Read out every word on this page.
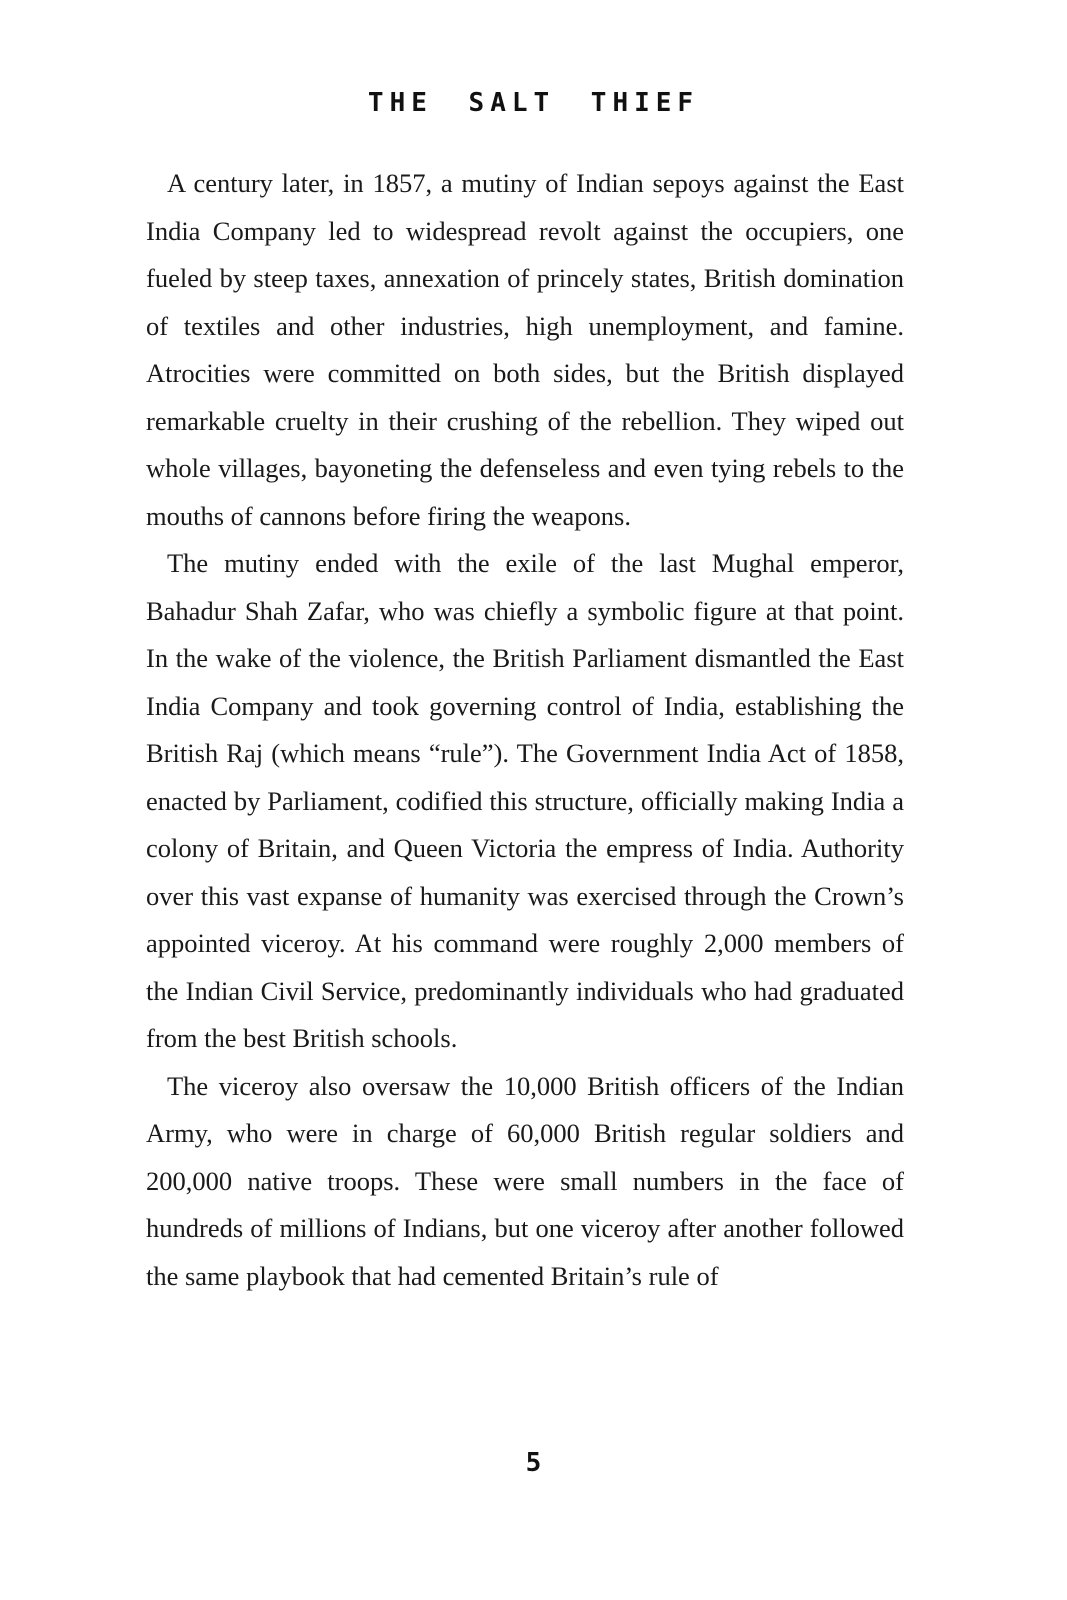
THE SALT THIEF

A century later, in 1857, a mutiny of Indian sepoys against the East India Company led to widespread revolt against the occupiers, one fueled by steep taxes, annexation of princely states, British domination of textiles and other industries, high unemployment, and famine. Atrocities were committed on both sides, but the British displayed remarkable cruelty in their crushing of the rebellion. They wiped out whole villages, bayoneting the defenseless and even tying rebels to the mouths of cannons before firing the weapons.

The mutiny ended with the exile of the last Mughal emperor, Bahadur Shah Zafar, who was chiefly a symbolic figure at that point. In the wake of the violence, the British Parliament dismantled the East India Company and took governing control of India, establishing the British Raj (which means “rule”). The Government India Act of 1858, enacted by Parliament, codified this structure, officially making India a colony of Britain, and Queen Victoria the empress of India. Authority over this vast expanse of humanity was exercised through the Crown’s appointed viceroy. At his command were roughly 2,000 members of the Indian Civil Service, predominantly individuals who had graduated from the best British schools.

The viceroy also oversaw the 10,000 British officers of the Indian Army, who were in charge of 60,000 British regular soldiers and 200,000 native troops. These were small numbers in the face of hundreds of millions of Indians, but one viceroy after another followed the same playbook that had cemented Britain’s rule of

5
